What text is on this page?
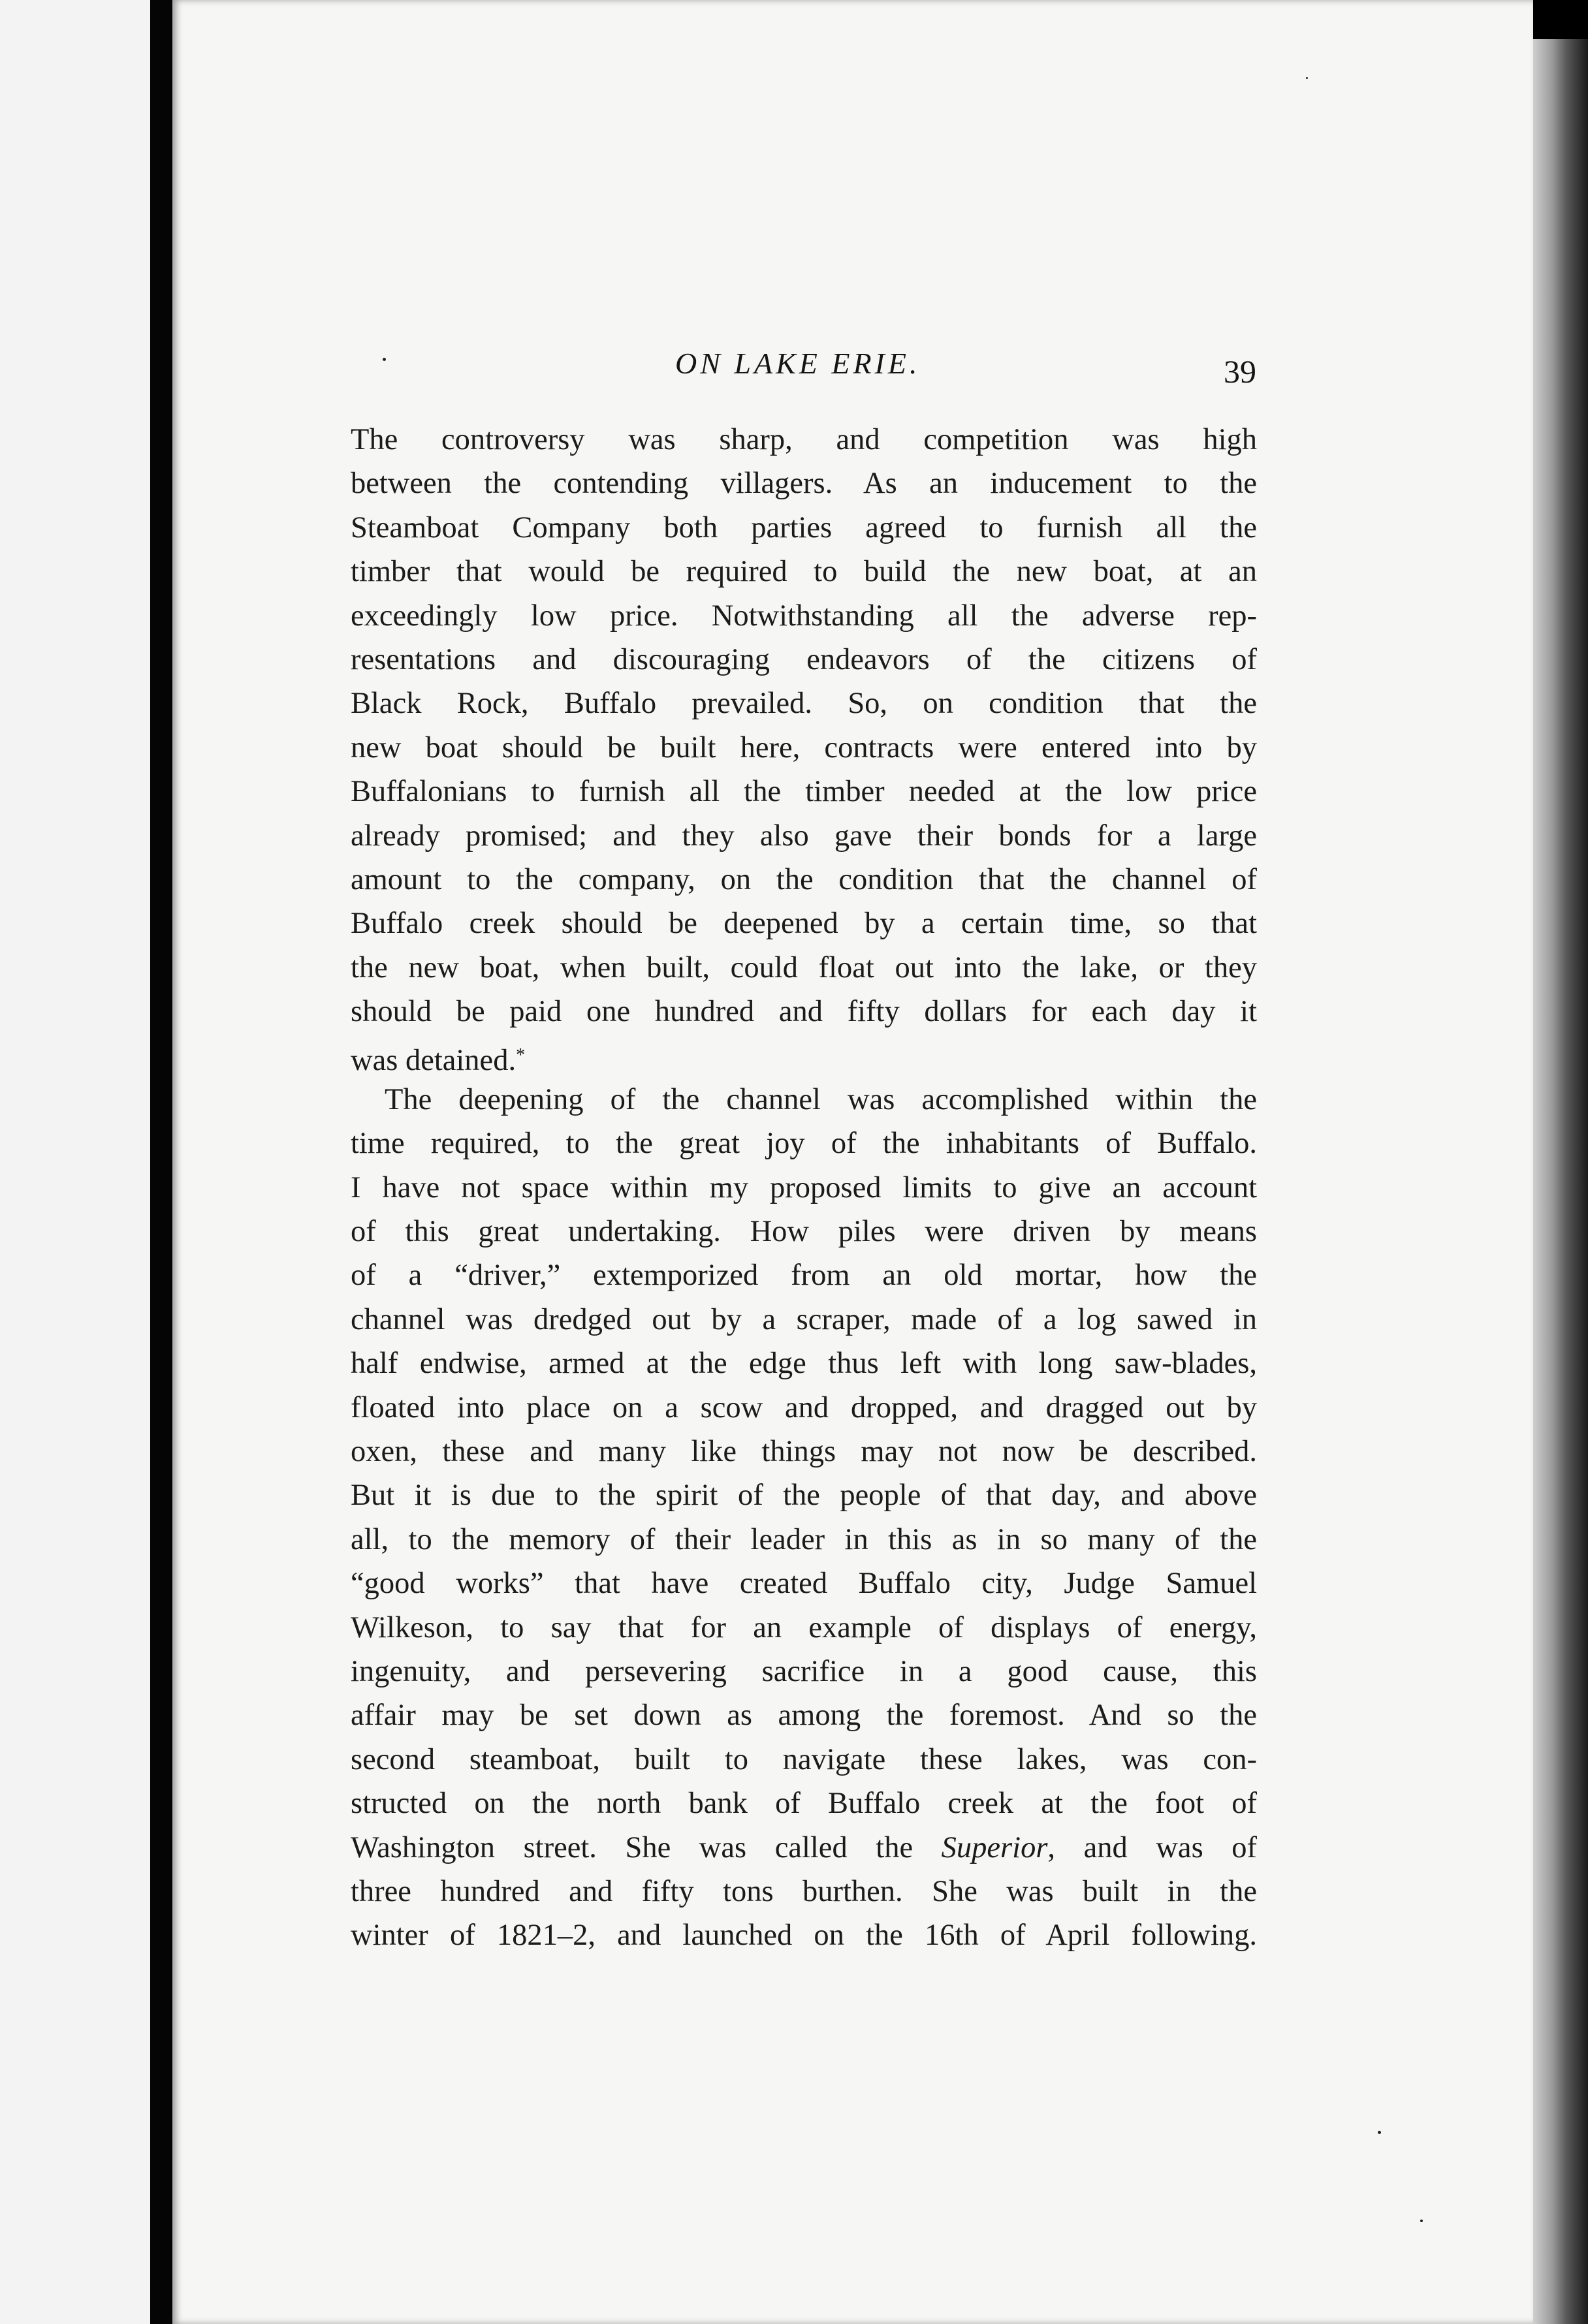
ON LAKE ERIE.	39
The controversy was sharp, and competition was high
between the contending villagers. As an inducement to the
Steamboat Company both parties agreed to furnish all the
timber that would be required to build the new boat, at an
exceedingly low price. Notwithstanding all the adverse rep-
resentations and discouraging endeavors of the citizens of
Black Rock, Buffalo prevailed. So, on condition that the
new boat should be built here, contracts were entered into by
Buffalonians to furnish all the timber needed at the low price
already promised; and they also gave their bonds for a large
amount to the company, on the condition that the channel of
Buffalo creek should be deepened by a certain time, so that
the new boat, when built, could float out into the lake, or they
should be paid one hundred and fifty dollars for each day it
was detained.*
The deepening of the channel was accomplished within the
time required, to the great joy of the inhabitants of Buffalo.
I have not space within my proposed limits to give an account
of this great undertaking. How piles were driven by means
of a “driver,” extemporized from an old mortar, how the
channel was dredged out by a scraper, made of a log sawed in
half endwise, armed at the edge thus left with long saw-blades,
floated into place on a scow and dropped, and dragged out by
oxen, these and many like things may not now be described.
But it is due to the spirit of the people of that day, and above
all, to the memory of their leader in this as in so many of the
“good works” that have created Buffalo city, Judge Samuel
Wilkeson, to say that for an example of displays of energy,
ingenuity, and persevering sacrifice in a good cause, this
affair may be set down as among the foremost. And so the
second steamboat, built to navigate these lakes, was con-
structed on the north bank of Buffalo creek at the foot of
Washington street. She was called the Superior, and was of
three hundred and fifty tons burthen. She was built in the
winter of 1821–2, and launched on the 16th of April following.
